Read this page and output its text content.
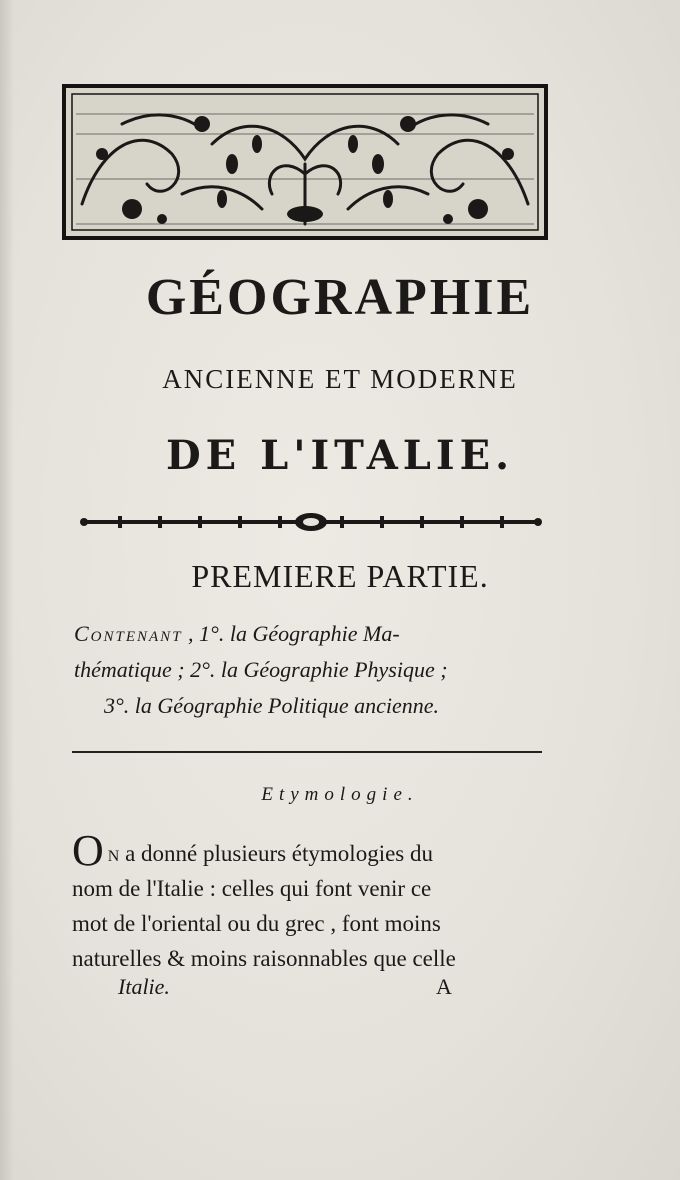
GÉOGRAPHIE
ANCIENNE ET MODERNE
DE L'ITALIE.
PREMIERE PARTIE.

Contenant , 1°. la Géographie Ma-

thématique ; 2°. la Géographie Physique ;

3°. la Géographie Politique ancienne.

Etymologie.

On a donné plusieurs étymologies du

nom de l'Italie : celles qui font venir ce

mot de l'oriental ou du grec , font moins

naturelles & moins raisonnables que celle

Italie.	A
